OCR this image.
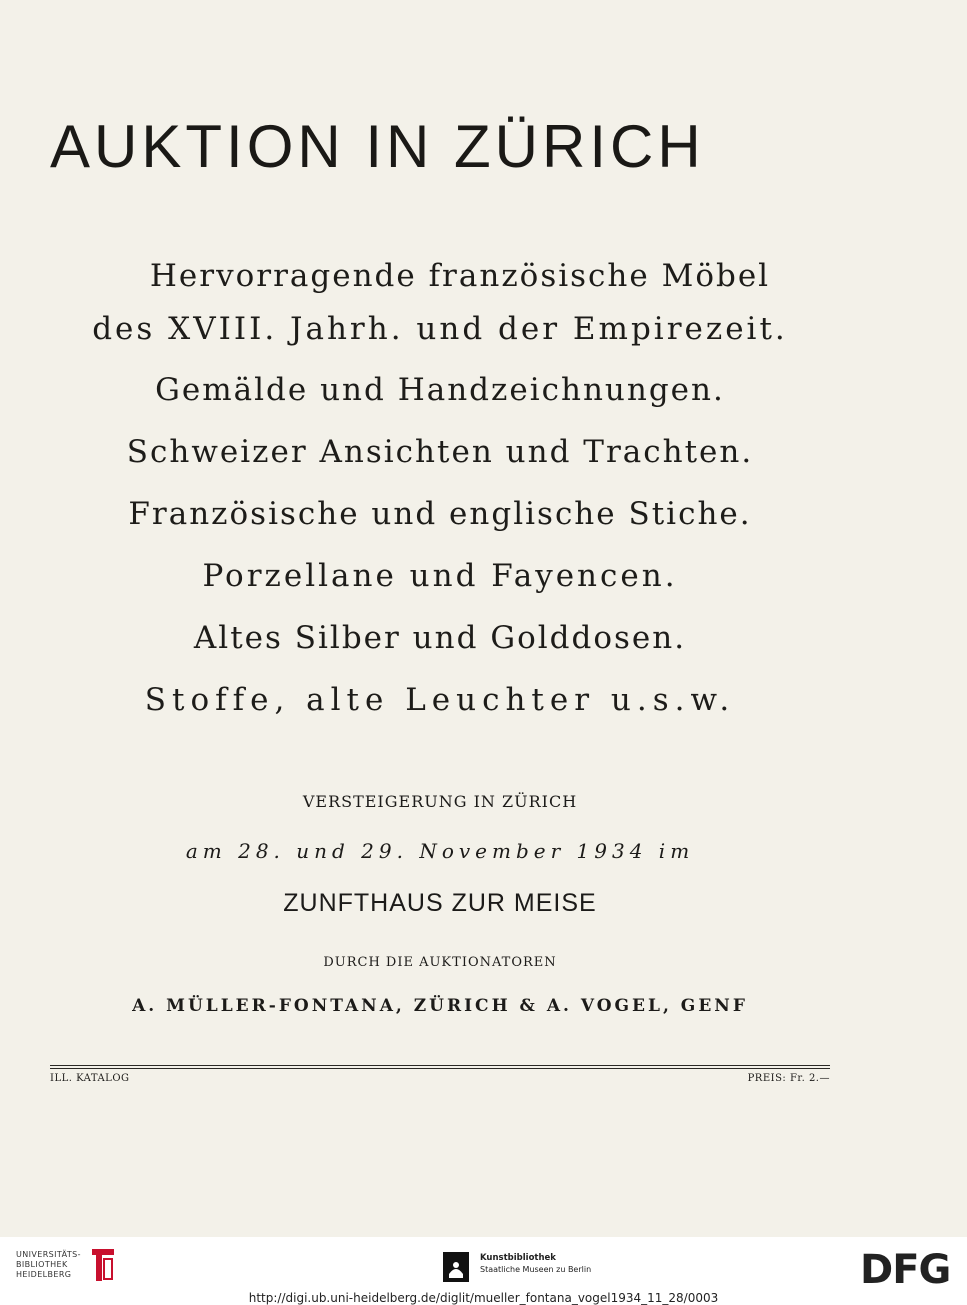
AUKTION IN ZÜRICH
Hervorragende französische Möbel
des XVIII. Jahrh. und der Empirezeit.
Gemälde und Handzeichnungen.
Schweizer Ansichten und Trachten.
Französische und englische Stiche.
Porzellane und Fayencen.
Altes Silber und Golddosen.
Stoffe, alte Leuchter u.s.w.
VERSTEIGERUNG IN ZÜRICH
am 28. und 29. November 1934 im
ZUNFTHAUS ZUR MEISE
DURCH DIE AUKTIONATOREN
A. MÜLLER-FONTANA, ZÜRICH & A. VOGEL, GENF
ILL. KATALOG	PREIS: Fr. 2.—
UNIVERSITÄTS-
BIBLIOTHEK
HEIDELBERG
Kunstbibliothek
Staatliche Museen zu Berlin	DFG
http://digi.ub.uni-heidelberg.de/diglit/mueller_fontana_vogel1934_11_28/0003
